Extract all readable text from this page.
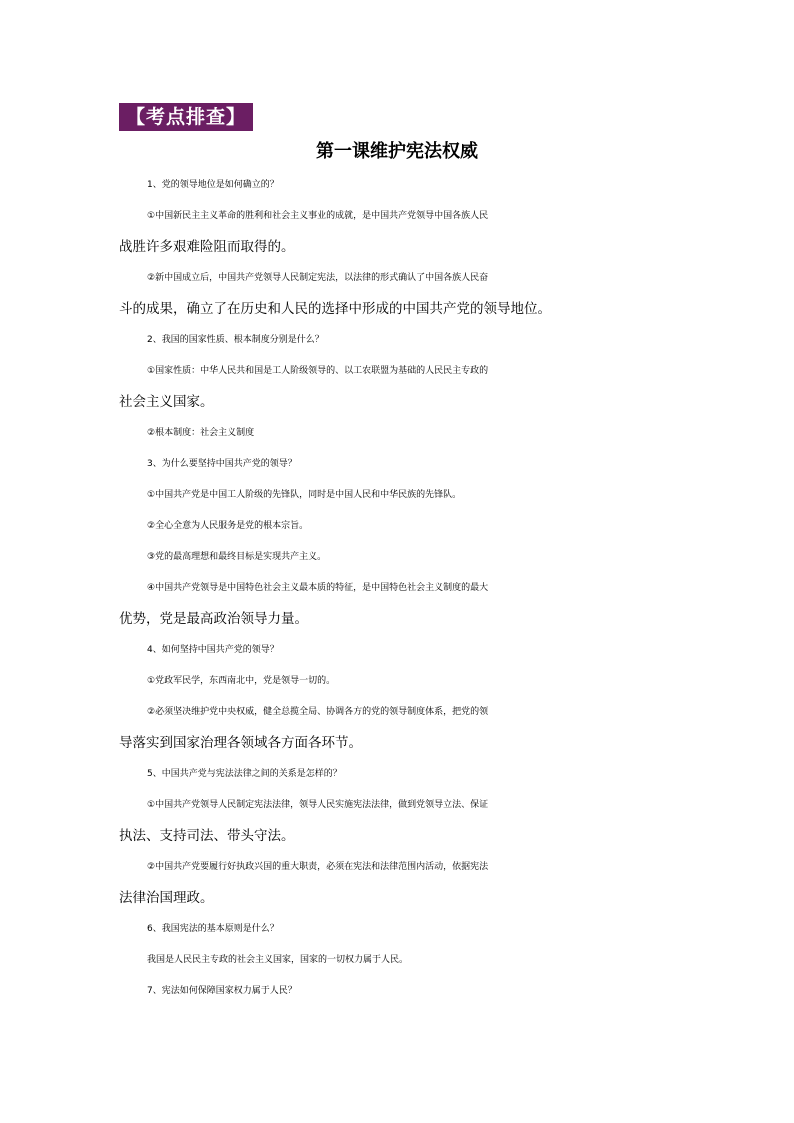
【考点排查】
第一课维护宪法权威
1、党的领导地位是如何确立的？
①中国新民主主义革命的胜利和社会主义事业的成就，是中国共产党领导中国各族人民
战胜许多艰难险阻而取得的。
②新中国成立后，中国共产党领导人民制定宪法，以法律的形式确认了中国各族人民奋
斗的成果，确立了在历史和人民的选择中形成的中国共产党的领导地位。
2、我国的国家性质、根本制度分别是什么？
①国家性质：中华人民共和国是工人阶级领导的、以工农联盟为基础的人民民主专政的
社会主义国家。
②根本制度：社会主义制度
3、为什么要坚持中国共产党的领导？
①中国共产党是中国工人阶级的先锋队，同时是中国人民和中华民族的先锋队。
②全心全意为人民服务是党的根本宗旨。
③党的最高理想和最终目标是实现共产主义。
④中国共产党领导是中国特色社会主义最本质的特征，是中国特色社会主义制度的最大
优势，党是最高政治领导力量。
4、如何坚持中国共产党的领导？
①党政军民学，东西南北中，党是领导一切的。
②必须坚决维护党中央权威，健全总揽全局、协调各方的党的领导制度体系，把党的领
导落实到国家治理各领域各方面各环节。
5、中国共产党与宪法法律之间的关系是怎样的？
①中国共产党领导人民制定宪法法律，领导人民实施宪法法律，做到党领导立法、保证
执法、支持司法、带头守法。
②中国共产党要履行好执政兴国的重大职责，必须在宪法和法律范围内活动，依据宪法
法律治国理政。
6、我国宪法的基本原则是什么？
我国是人民民主专政的社会主义国家，国家的一切权力属于人民。
7、宪法如何保障国家权力属于人民？
